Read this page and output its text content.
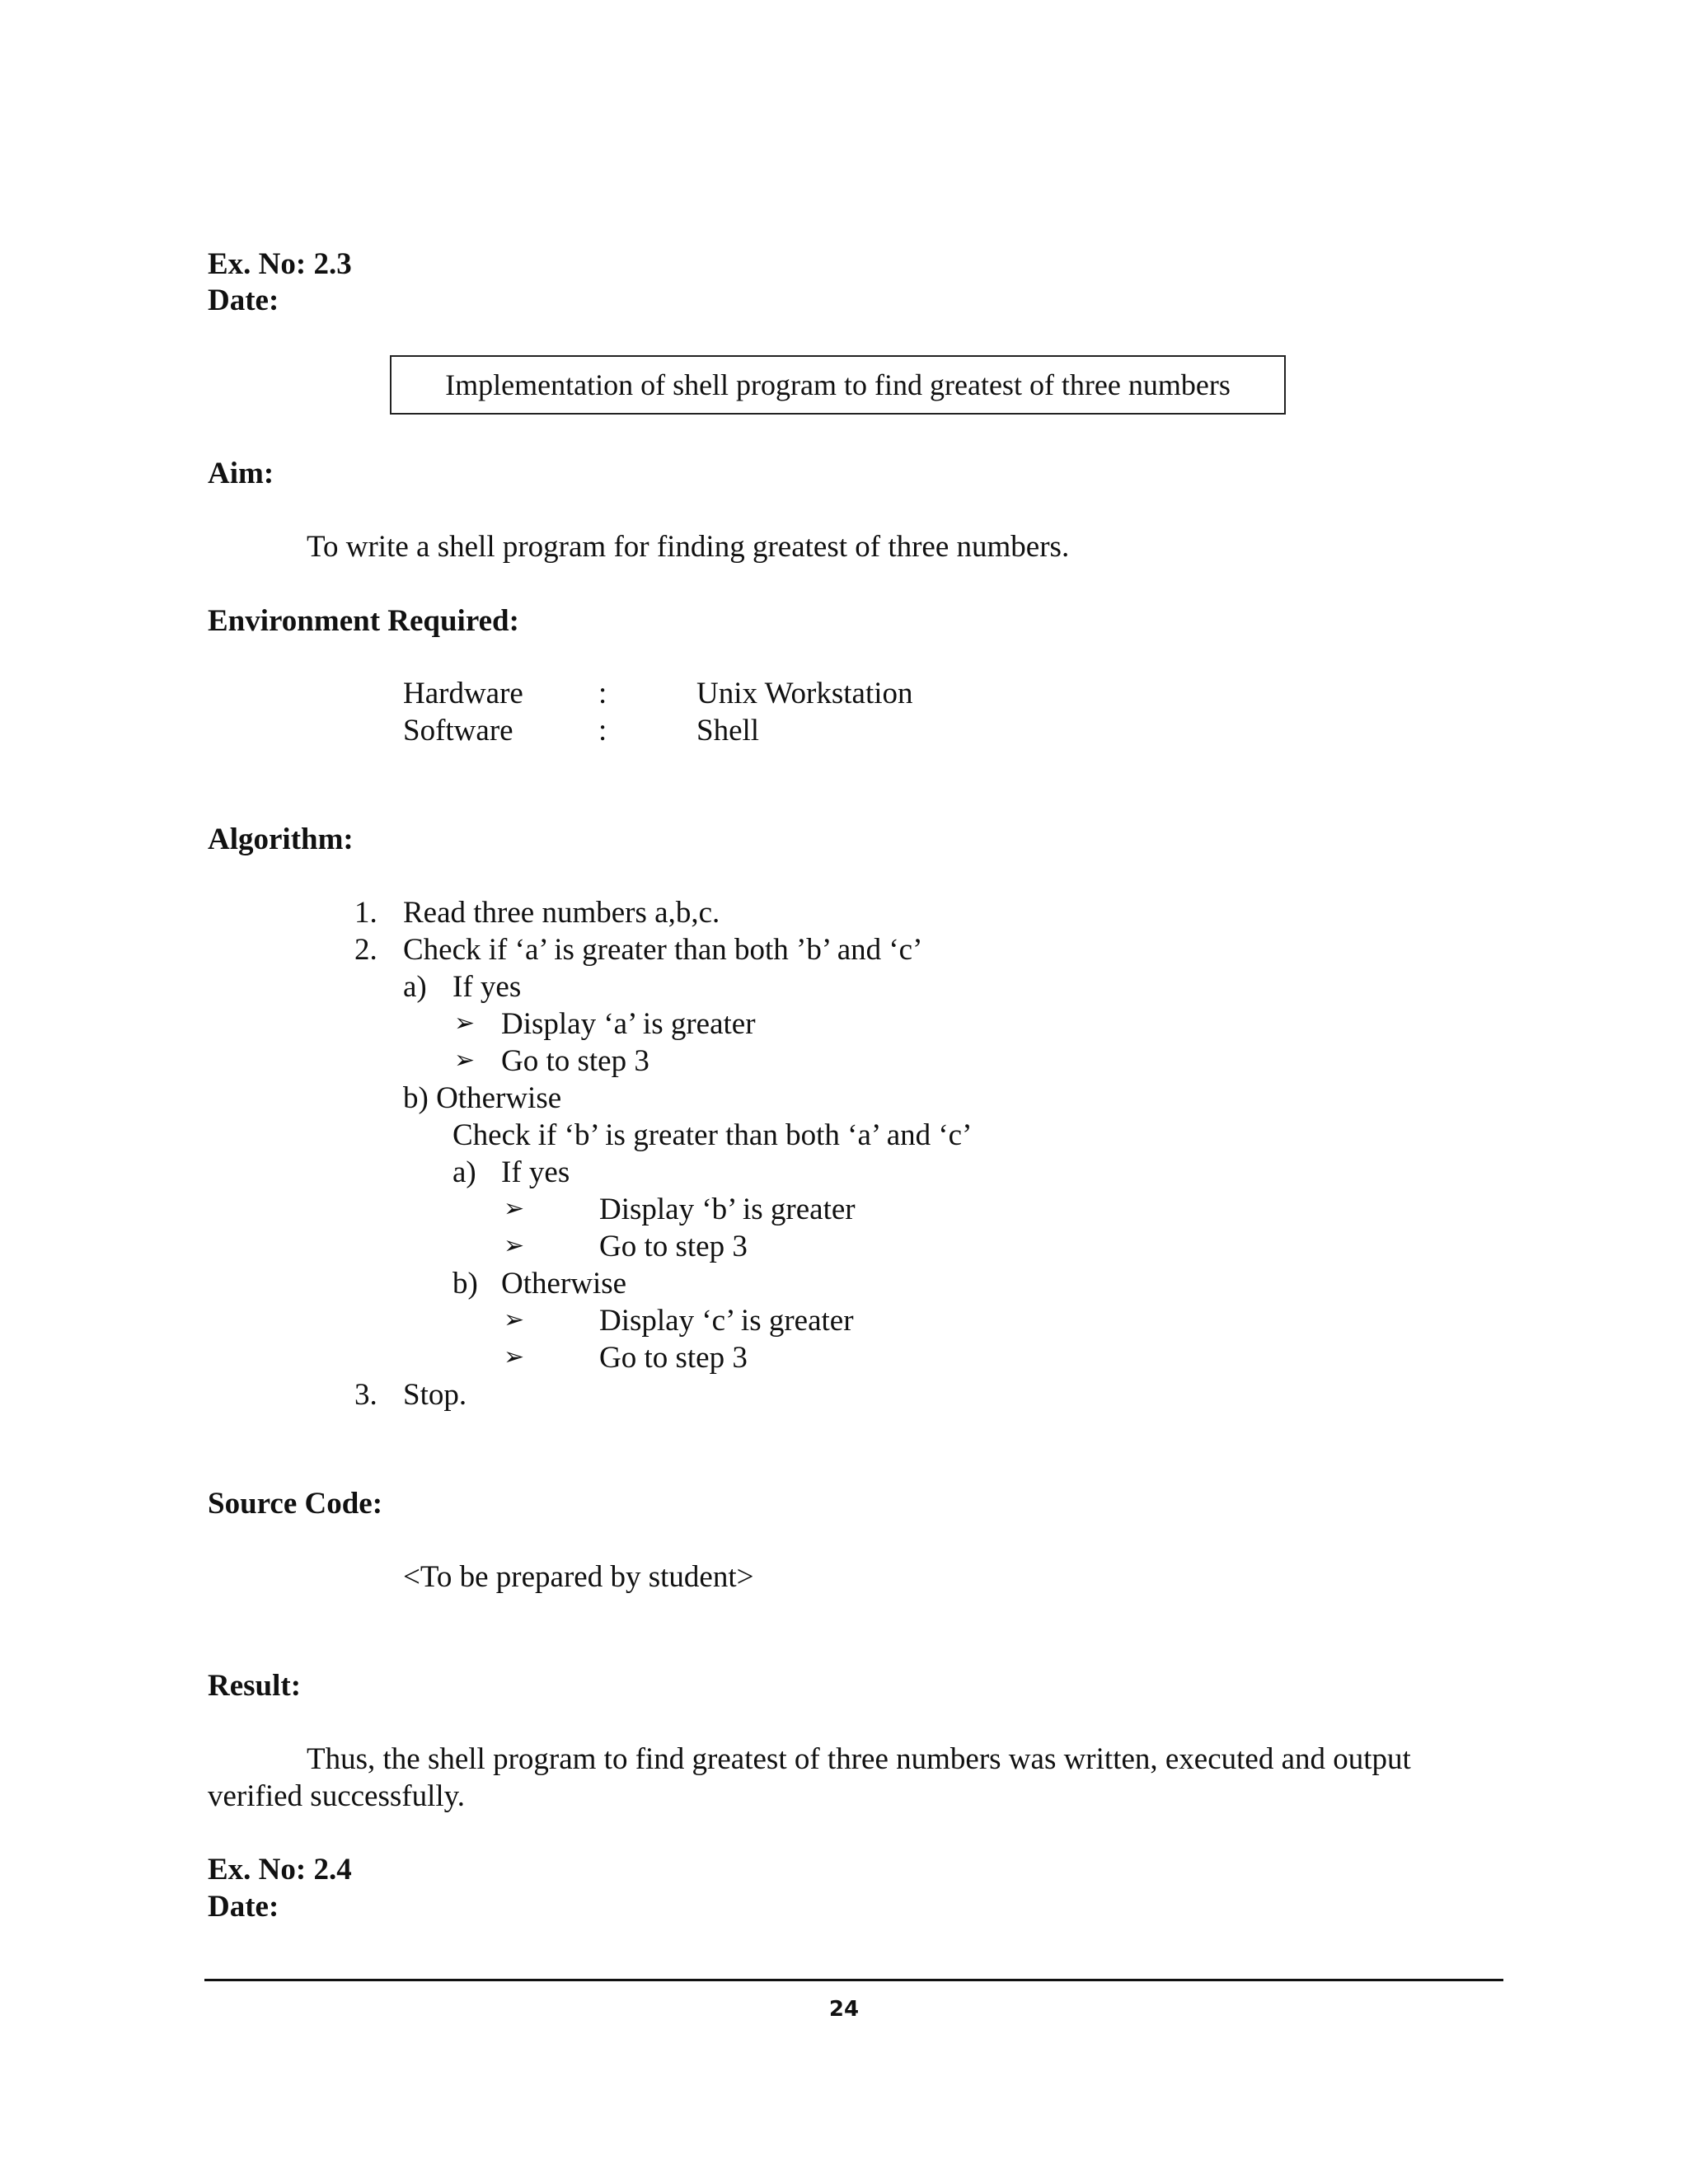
Ex. No: 2.3
Date:
Implementation of shell program to find greatest of three numbers
Aim:
To write a shell program for finding greatest of three numbers.
Environment Required:
Hardware :	Unix Workstation
Software	:	Shell
Algorithm:
1. Read three numbers a,b,c.
2. Check if ‘a’ is greater than both ’b’ and ‘c’
a) If yes
➢ Display ‘a’ is greater
➢ Go to step 3
b) Otherwise
Check if ‘b’ is greater than both ‘a’ and ‘c’
a) If yes
➢ Display ‘b’ is greater
➢ Go to step 3
b) Otherwise
➢ Display ‘c’ is greater
➢ Go to step 3
3. Stop.
Source Code:
<To be prepared by student>
Result:
Thus, the shell program to find greatest of three numbers was written, executed and output
verified successfully.
Ex. No: 2.4
Date:
24
